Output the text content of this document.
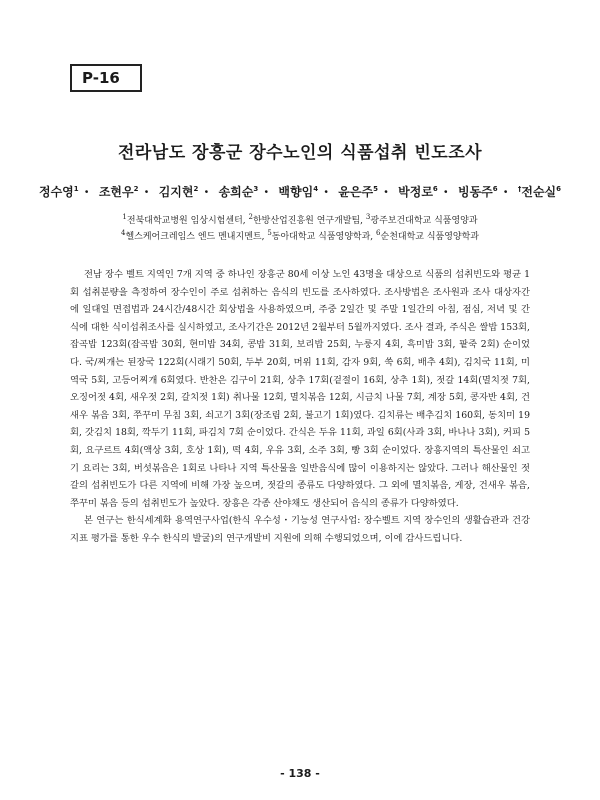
P-16
전라남도 장흥군 장수노인의 식품섭취 빈도조사
정수영$^1$ ・ 조현우$^2$ ・ 김지현$^2$ ・ 송희순$^3$ ・ 백향임$^4$ ・ 윤은주$^5$ ・ 박정로$^6$ ・ 빙동주$^6$ ・ †전순실$^6$
$^1$전북대학교병원 임상시험센터, $^2$한방산업진흥원 연구개발팀, $^3$광주보건대학교 식품영양과
$^4$헬스케어크레임스 엔드 멘내지멘트, $^5$동아대학교 식품영양학과, $^6$순천대학교 식품영양학과

전남 장수 벨트 지역인 7개 지역 중 하나인 장흥군 80세 이상 노인 43명을 대상으로 식품의 섭취빈도와 평균 1회 섭취분량을 측정하여 장수인이 주로 섭취하는 음식의 빈도를 조사하였다. 조사방법은 조사원과 조사 대상자간에 일대일 면접법과 24시간/48시간 회상법을 사용하였으며, 주중 2일간 및 주말 1일간의 아침, 점심, 저녁 및 간식에 대한 식이섭취조사를 실시하였고, 조사기간은 2012년 2월부터 5월까지였다. 조사 결과, 주식은 쌀밥 153회, 잡곡밥 123회(잡곡밥 30회, 현미밥 34회, 콩밥 31회, 보리밥 25회, 누룽지 4회, 흑미밥 3회, 팥죽 2회) 순이었다. 국/찌개는 된장국 122회(시래기 50회, 두부 20회, 머위 11회, 감자 9회, 쑥 6회, 배추 4회), 김치국 11회, 미역국 5회, 고등어찌개 6회였다. 반찬은 김구이 21회, 상추 17회(겉절이 16회, 상추 1회), 젓갈 14회(멸치젓 7회, 오징어젓 4회, 새우젓 2회, 갈치젓 1회) 취나물 12회, 멸치볶음 12회, 시금치 나물 7회, 계장 5회, 콩자반 4회, 건새우 볶음 3회, 쭈꾸미 무침 3회, 쇠고기 3회(장조림 2회, 불고기 1회)였다. 김치류는 배추김치 160회, 동치미 19회, 갓김치 18회, 깍두기 11회, 파김치 7회 순이었다. 간식은 두유 11회, 과일 6회(사과 3회, 바나나 3회), 커피 5회, 요구르트 4회(액상 3회, 호상 1회), 떡 4회, 우유 3회, 소주 3회, 빵 3회 순이었다. 장흥지역의 특산물인 쇠고기 요리는 3회, 버섯볶음은 1회로 나타나 지역 특산물을 일반음식에 많이 이용하지는 않았다. 그러나 해산물인 젓갈의 섭취빈도가 다른 지역에 비해 가장 높으며, 젓갈의 종류도 다양하였다. 그 외에 멸치볶음, 게장, 건새우 볶음, 쭈꾸미 볶음 등의 섭취빈도가 높았다. 장흥은 각종 산야채도 생산되어 음식의 종류가 다양하였다.

본 연구는 한식세계화 용역연구사업(한식 우수성・기능성 연구사업: 장수벨트 지역 장수인의 생활습관과 건강지표 평가를 통한 우수 한식의 발굴)의 연구개발비 지원에 의해 수행되었으며, 이에 감사드립니다.

- 138 -
